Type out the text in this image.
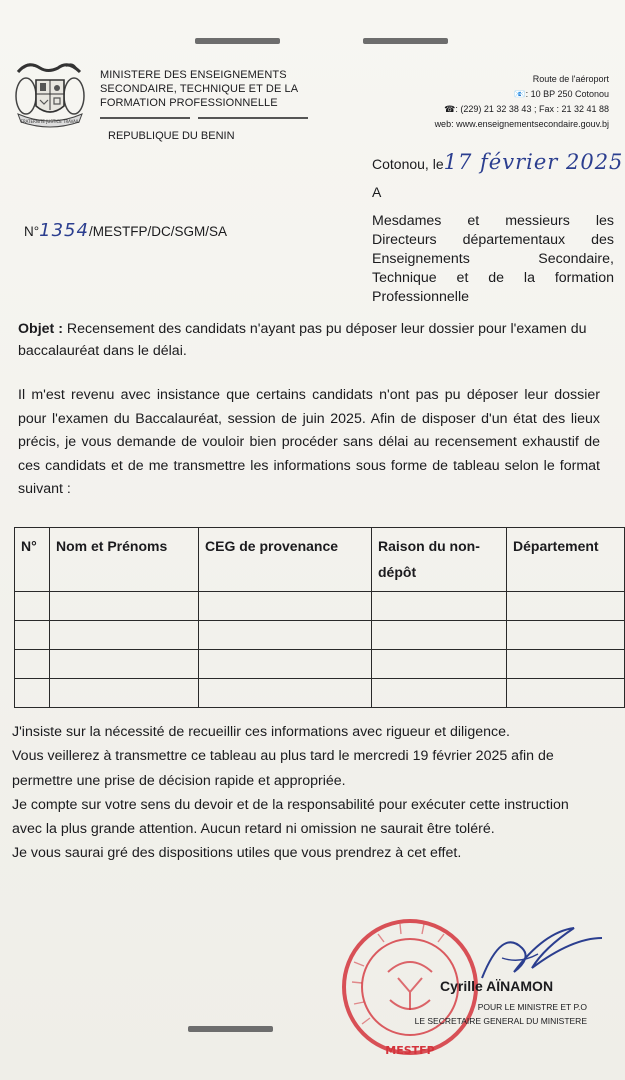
FRATERNITE JUSTICE TRAVAIL
MINISTERE DES ENSEIGNEMENTS
SECONDAIRE, TECHNIQUE ET DE LA
FORMATION PROFESSIONNELLE
REPUBLIQUE DU BENIN
Route de l'aéroport
📧: 10 BP 250 Cotonou
☎: (229) 21 32 38 43 ; Fax : 21 32 41 88
web: www.enseignementsecondaire.gouv.bj
Cotonou, le17 février 2025
A
N°1354/MESTFP/DC/SGM/SA
Mesdames et messieurs les Directeurs départementaux des Enseignements Secondaire, Technique et de la formation Professionnelle
Objet : Recensement des candidats n'ayant pas pu déposer leur dossier pour l'examen du baccalauréat dans le délai.
Il m'est revenu avec insistance que certains candidats n'ont pas pu déposer leur dossier pour l'examen du Baccalauréat, session de juin 2025. Afin de disposer d'un état des lieux précis, je vous demande de vouloir bien procéder sans délai au recensement exhaustif de ces candidats et de me transmettre les informations sous forme de tableau selon le format suivant :
N°	Nom et Prénoms	CEG de provenance	Raison du non-dépôt	Département

J'insiste sur la nécessité de recueillir ces informations avec rigueur et diligence.

Vous veillerez à transmettre ce tableau au plus tard le mercredi 19 février 2025 afin de permettre une prise de décision rapide et appropriée.

Je compte sur votre sens du devoir et de la responsabilité pour exécuter cette instruction avec la plus grande attention. Aucun retard ni omission ne saurait être toléré.

Je vous saurai gré des dispositions utiles que vous prendrez à cet effet.

MESTFP
Cyrille AÏNAMON
POUR LE MINISTRE ET P.O
LE SECRETAIRE GENERAL DU MINISTERE
